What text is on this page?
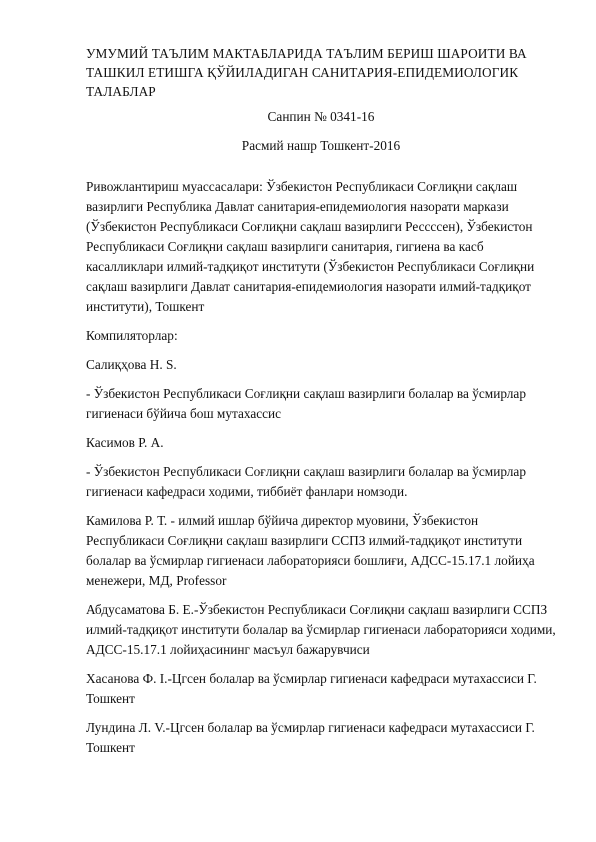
УМУМИЙ ТАЪЛИМ МАКТАБЛАРИДА ТАЪЛИМ БЕРИШ ШАРОИТИ ВА ТАШКИЛ ЕТИШГА ҚЎЙИЛАДИГАН САНИТАРИЯ-ЕПИДЕМИОЛОГИК ТАЛАБЛАР

Санпин № 0341-16

Расмий нашр Тошкент-2016

Ривожлантириш муассасалари: Ўзбекистон Республикаси Соғлиқни сақлаш вазирлиги Республика Давлат санитария-епидемиология назорати маркази (Ўзбекистон Республикаси Соғлиқни сақлаш вазирлиги Рессссен), Ўзбекистон Республикаси Соғлиқни сақлаш вазирлиги санитария, гигиена ва касб касалликлари илмий-тадқиқот институти (Ўзбекистон Республикаси Соғлиқни сақлаш вазирлиги Давлат санитария-епидемиология назорати илмий-тадқиқот институти), Тошкент

Компиляторлар:

Салиқҳова Н. S.

- Ўзбекистон Республикаси Соғлиқни сақлаш вазирлиги болалар ва ўсмирлар гигиенаси бўйича бош мутахассис

Касимов Р. А.

- Ўзбекистон Республикаси Соғлиқни сақлаш вазирлиги болалар ва ўсмирлар гигиенаси кафедраси ходими, тиббиёт фанлари номзоди.

Камилова Р. Т. - илмий ишлар бўйича директор муовини, Ўзбекистон Республикаси Соғлиқни сақлаш вазирлиги ССПЗ илмий-тадқиқот институти болалар ва ўсмирлар гигиенаси лабораторияси бошлиғи, АДСС-15.17.1 лойиҳа менежери, МД, Professor

Абдусаматова Б. Е.-Ўзбекистон Республикаси Соғлиқни сақлаш вазирлиги ССПЗ илмий-тадқиқот институти болалар ва ўсмирлар гигиенаси лабораторияси ходими, АДСС-15.17.1 лойиҳасининг масъул бажарувчиси

Хасанова Ф. I.-Цгсен болалар ва ўсмирлар гигиенаси кафедраси мутахассиси Г. Тошкент

Лундина Л. V.-Цгсен болалар ва ўсмирлар гигиенаси кафедраси мутахассиси Г. Тошкент
